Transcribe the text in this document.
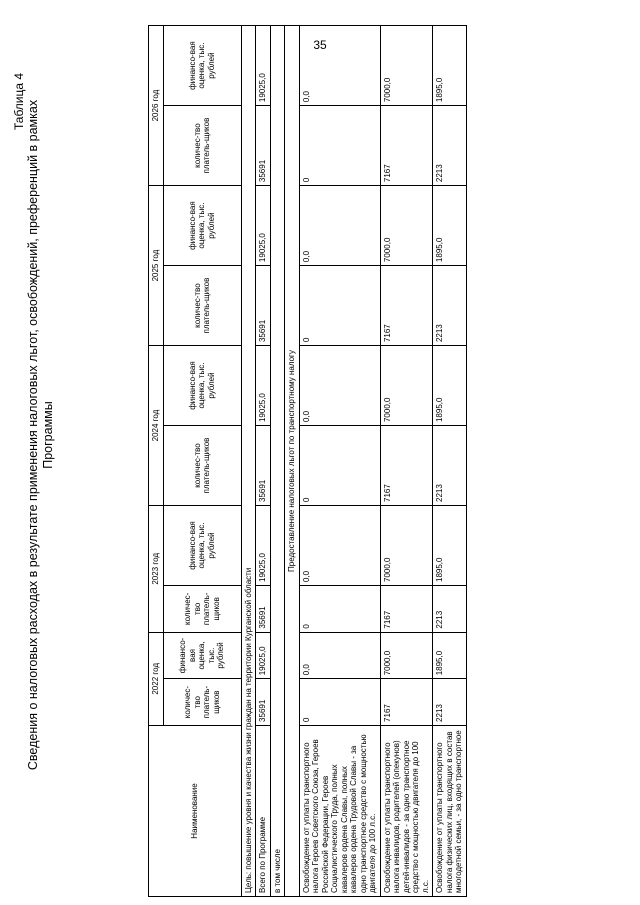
35
Таблица 4 Сведения о налоговых расходах в результате применения налоговых льгот, освобождений, преференций в рамках Программы
Наименование	2022 год		2023 год		2024 год		2025 год		2026 год	
	количес-тво платель-щиков	финансо-вая оценка, тыс. рублей	количес-тво платель-щиков	финансо-вая оценка, тыс. рублей	количес-тво платель-щиков	финансо-вая оценка, тыс. рублей	количес-тво платель-щиков	финансо-вая оценка, тыс. рублей	количес-тво платель-щиков	финансо-вая оценка, тыс. рублей
Цель: повышение уровня и качества жизни граждан на территории Курганской области										
Всего по Программе	35691	19025,0	35691	19025,0	35691	19025,0	35691	19025,0	35691	19025,0
в том числе										
Предоставление налоговых льгот по транспортному налогу										
Освобождение от уплаты транспортного налога Героев Советского Союза, Героев Российской Федерации, Героев Социалистического Труда, полных кавалеров ордена Славы, полных кавалеров ордена Трудовой Славы - за одно транспортное средство с мощностью двигателя до 100 л.с.	0	0,0	0	0,0	0	0,0	0	0,0	0	0,0
Освобождение от уплаты транспортного налога инвалидов, родителей (опекунов) детей-инвалидов - за одно транспортное средство с мощностью двигателя до 100 л.с.	7167	7000,0	7167	7000,0	7167	7000,0	7167	7000,0	7167	7000,0
Освобождение от уплаты транспортного налога физических лиц, входящих в состав многодетной семьи, - за одно транспортное	2213	1895,0	2213	1895,0	2213	1895,0	2213	1895,0	2213	1895,0
